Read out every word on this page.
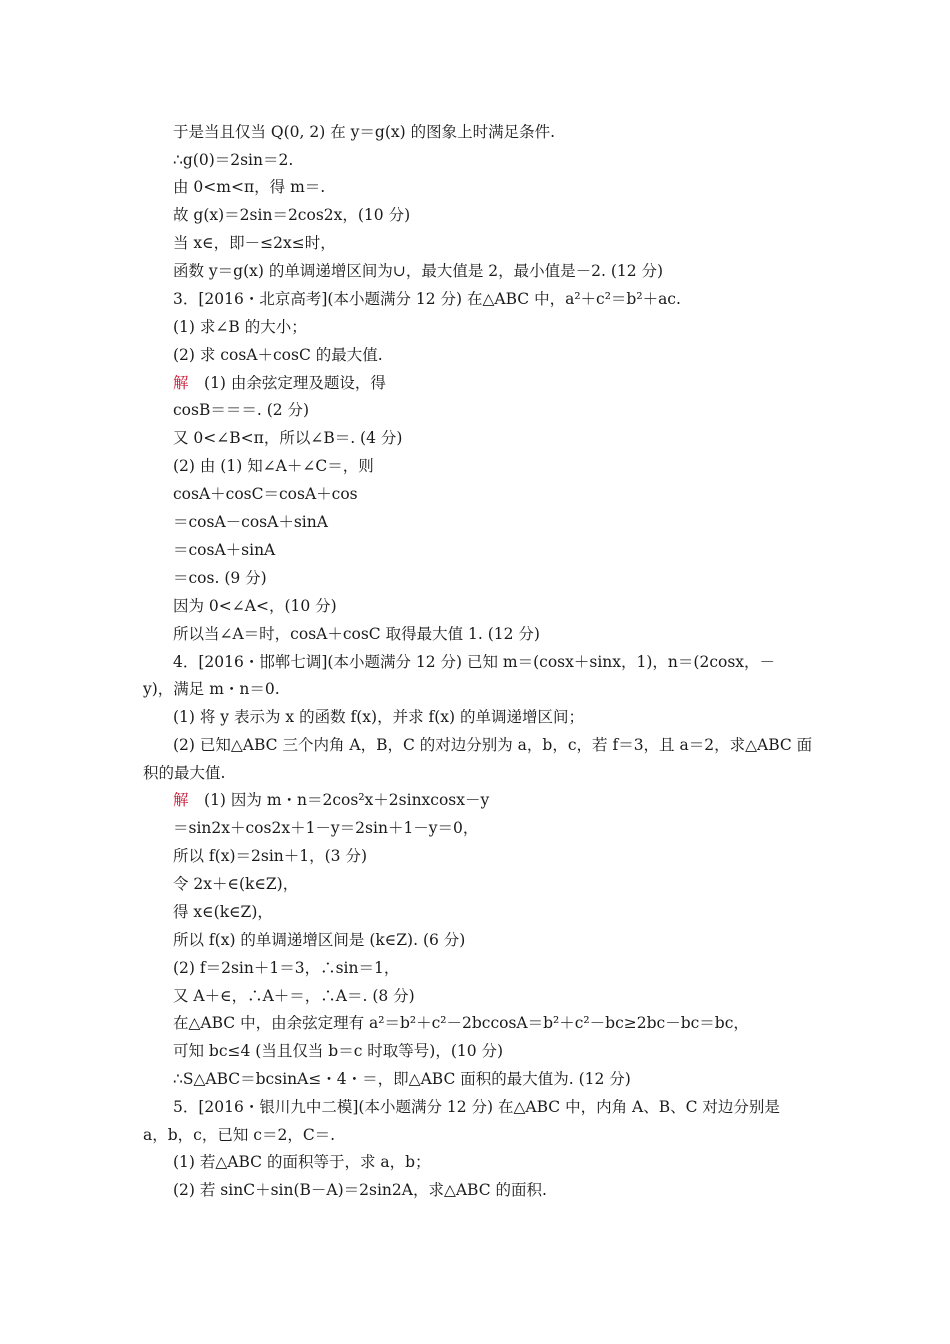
于是当且仅当 Q(0, 2) 在 y＝g(x) 的图象上时满足条件.
∴g(0)＝2sin＝2.
由 0<m<π，得 m＝.
故 g(x)＝2sin＝2cos2x，(10 分)
当 x∈，即－≤2x≤时，
函数 y＝g(x) 的单调递增区间为∪，最大值是 2，最小值是－2. (12 分)
3．[2016・北京高考](本小题满分 12 分) 在△ABC 中，a²＋c²＝b²＋ac.
(1) 求∠B 的大小；
(2) 求 cosA＋cosC 的最大值.
解　(1) 由余弦定理及题设，得
cosB＝＝＝. (2 分)
又 0<∠B<π，所以∠B＝. (4 分)
(2) 由 (1) 知∠A＋∠C＝，则
cosA＋cosC＝cosA＋cos
＝cosA－cosA＋sinA
＝cosA＋sinA
＝cos. (9 分)
因为 0<∠A<，(10 分)
所以当∠A＝时，cosA＋cosC 取得最大值 1. (12 分)
4．[2016・邯郸七调](本小题满分 12 分) 已知 m＝(cosx＋sinx，1)，n＝(2cosx，－
y)，满足 m・n＝0.
(1) 将 y 表示为 x 的函数 f(x)，并求 f(x) 的单调递增区间；
(2) 已知△ABC 三个内角 A，B，C 的对边分别为 a，b，c，若 f＝3，且 a＝2，求△ABC 面
积的最大值.
解　(1) 因为 m・n＝2cos²x＋2sinxcosx－y
＝sin2x＋cos2x＋1－y＝2sin＋1－y＝0，
所以 f(x)＝2sin＋1，(3 分)
令 2x＋∈(k∈Z)，
得 x∈(k∈Z)，
所以 f(x) 的单调递增区间是 (k∈Z). (6 分)
(2) f＝2sin＋1＝3，∴sin＝1，
又 A＋∈，∴A＋＝，∴A＝. (8 分)
在△ABC 中，由余弦定理有 a²＝b²＋c²－2bccosA＝b²＋c²－bc≥2bc－bc＝bc，
可知 bc≤4 (当且仅当 b＝c 时取等号)，(10 分)
∴S△ABC＝bcsinA≤・4・＝，即△ABC 面积的最大值为. (12 分)
5．[2016・银川九中二模](本小题满分 12 分) 在△ABC 中，内角 A、B、C 对边分别是
a，b，c，已知 c＝2，C＝.
(1) 若△ABC 的面积等于，求 a，b；
(2) 若 sinC＋sin(B－A)＝2sin2A，求△ABC 的面积.
